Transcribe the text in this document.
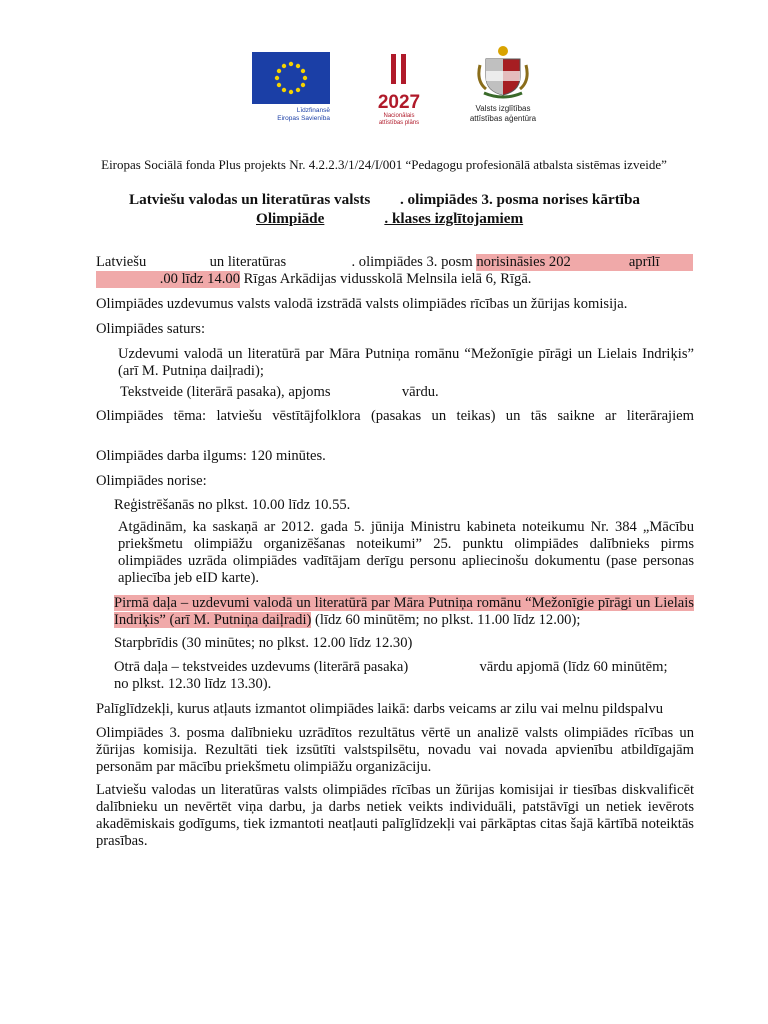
Līdzfinansē
Eiropas Savienība
2027
Nacionālais
attīstības plāns
Valsts izglītības
attīstības aģentūra
Eiropas Sociālā fonda Plus projekts Nr. 4.2.2.3/1/24/I/001 “Pedagogu profesionālā atbalsta sistēmas izveide”
Latviešu valodas un literatūras valsts . olimpiādes 3. posma norises kārtība
Olimpiāde	. klases izglītojamiem
Latviešu	un literatūras	. olimpiādes 3. posm norisināsies 202	aprīlī
.00 līdz 14.00 Rīgas Arkādijas vidusskolā Melnsila ielā 6, Rīgā.
Olimpiādes uzdevumus valsts valodā izstrādā valsts olimpiādes rīcības un žūrijas komisija.
Olimpiādes saturs:

Uzdevumi valodā un literatūrā par Māra Putniņa romānu “Mežonīgie pīrāgi un Lielais Indriķis” (arī M. Putniņa daiļradi);

Tekstveide (literārā pasaka), apjoms	vārdu.

Olimpiādes tēma: latviešu vēstītājfolklora (pasakas un teikas) un tās saikne ar literārajiem

Olimpiādes darba ilgums: 120 minūtes.
Olimpiādes norise:
Reģistrēšanās no plkst. 10.00 līdz 10.55.

Atgādinām, ka saskaņā ar 2012. gada 5. jūnija Ministru kabineta noteikumu Nr. 384 „Mācību priekšmetu olimpiāžu organizēšanas noteikumi” 25. punktu olimpiādes dalībnieks pirms olimpiādes uzrāda olimpiādes vadītājam derīgu personu apliecinošu dokumentu (pase personas apliecība jeb eID karte).

Pirmā daļa – uzdevumi valodā un literatūrā par Māra Putniņa romānu “Mežonīgie pīrāgi un Lielais Indriķis” (arī M. Putniņa daiļradi) (līdz 60 minūtēm; no plkst. 11.00 līdz 12.00);

Starpbrīdis (30 minūtes; no plkst. 12.00 līdz 12.30)
Otrā daļa – tekstveides uzdevums (literārā pasaka)	vārdu apjomā (līdz 60 minūtēm;
no plkst. 12.30 līdz 13.30).
Palīglīdzekļi, kurus atļauts izmantot olimpiādes laikā: darbs veicams ar zilu vai melnu pildspalvu

Olimpiādes 3. posma dalībnieku uzrādītos rezultātus vērtē un analizē valsts olimpiādes rīcības un žūrijas komisija. Rezultāti tiek izsūtīti valstspilsētu, novadu vai novada apvienību atbildīgajām personām par mācību priekšmetu olimpiāžu organizāciju.

Latviešu valodas un literatūras valsts olimpiādes rīcības un žūrijas komisijai ir tiesības diskvalificēt dalībnieku un nevērtēt viņa darbu, ja darbs netiek veikts individuāli, patstāvīgi un netiek ievērots akadēmiskais godīgums, tiek izmantoti neatļauti palīglīdzekļi vai pārkāptas citas šajā kārtībā noteiktās prasības.
